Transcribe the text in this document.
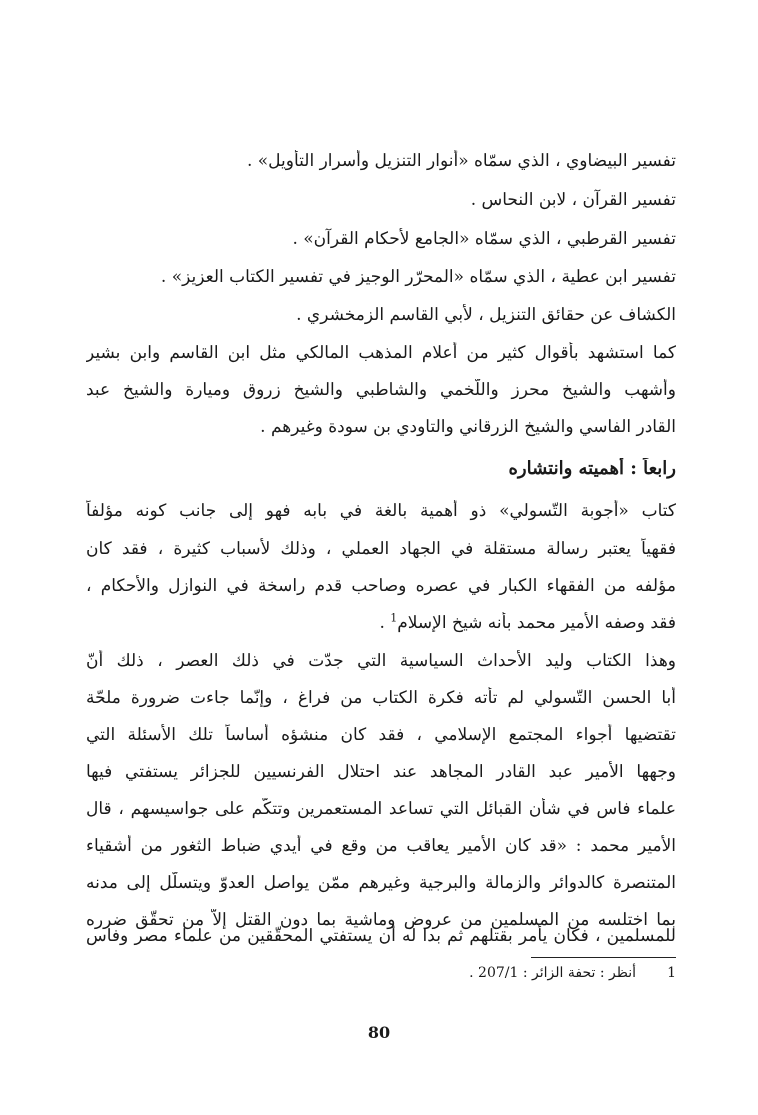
تفسير البيضاوي ، الذي سمّاه «أنوار التنزيل وأسرار التأويل» .
تفسير القرآن ، لابن النحاس .
تفسير القرطبي ، الذي سمّاه «الجامع لأحكام القرآن» .
تفسير ابن عطية ، الذي سمّاه «المحرّر الوجيز في تفسير الكتاب العزيز» .
الكشاف عن حقائق التنزيل ، لأبي القاسم الزمخشري .
كما استشهد بأقوال كثير من أعلام المذهب المالكي مثل ابن القاسم وابن بشير
وأشهب والشيخ محرز واللّخمي والشاطبي والشيخ زروق وميارة والشيخ عبد
القادر الفاسي والشيخ الزرقاني والتاودي بن سودة وغيرهم .
رابعاً : أهميته وانتشاره
كتاب «أجوبة التّسولي» ذو أهمية بالغة في بابه فهو إلى جانب كونه مؤلفاً
فقهياً يعتبر رسالة مستقلة في الجهاد العملي ، وذلك لأسباب كثيرة ، فقد كان
مؤلفه من الفقهاء الكبار في عصره وصاحب قدم راسخة في النوازل والأحكام ،
فقد وصفه الأمير محمد بأنه شيخ الإسلام$^1$ .
وهذا الكتاب وليد الأحداث السياسية التي جدّت في ذلك العصر ، ذلك أنّ
أبا الحسن التّسولي لم تأته فكرة الكتاب من فراغ ، وإنّما جاءت ضرورة ملحّة
تقتضيها أجواء المجتمع الإسلامي ، فقد كان منشؤه أساساً تلك الأسئلة التي
وجهها الأمير عبد القادر المجاهد عند احتلال الفرنسيين للجزائر يستفتي فيها
علماء فاس في شأن القبائل التي تساعد المستعمرين وتتكّم على جواسيسهم ، قال
الأمير محمد : «قد كان الأمير يعاقب من وقع في أيدي ضباط الثغور من أشقياء
المتنصرة كالدوائر والزمالة والبرجية وغيرهم ممّن يواصل العدوّ ويتسلّل إلى مدنه
بما اختلسه من المسلمين من عروض وماشية بما دون القتل إلاّ من تحقّق ضرره
للمسلمين ، فكان يأمر بقتلهم ثم بدا له أن يستفتي المحقّقين من علماء مصر وفاس
1
أنظر : تحفة الزائر : 207/1 .
80
